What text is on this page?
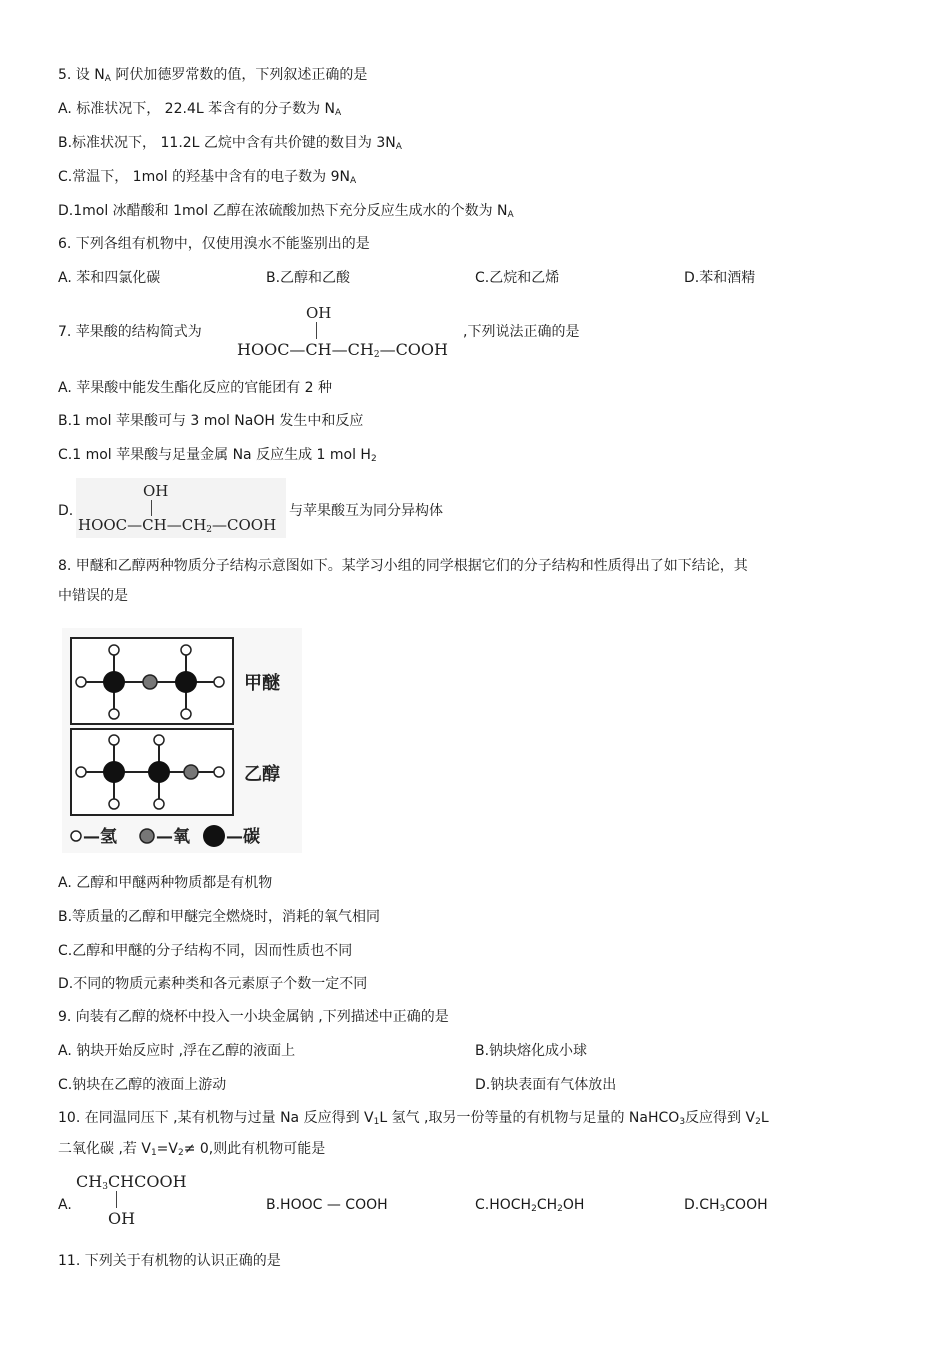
5. 设 $N_A$ 阿伏加德罗常数的值，下列叙述正确的是
A. 标准状况下， 22.4L 苯含有的分子数为 $N_A$
B.标准状况下， 11.2L 乙烷中含有共价键的数目为 $3N_A$
C.常温下， 1mol 的羟基中含有的电子数为 $9N_A$
D.1mol 冰醋酸和 1mol 乙醇在浓硫酸加热下充分反应生成水的个数为 $N_A$
6. 下列各组有机物中，仅使用溴水不能鉴别出的是
A. 苯和四氯化碳	B.乙醇和乙酸	C.乙烷和乙烯	D.苯和酒精
7. 苹果酸的结构简式为
OH
$HOOC—CH—CH_2—COOH$
,下列说法正确的是
A. 苹果酸中能发生酯化反应的官能团有 2 种
B.1 mol 苹果酸可与 3 mol NaOH 发生中和反应
C.1 mol 苹果酸与足量金属 Na 反应生成 1 mol $H_2$
D.
OH
$HOOC—CH—CH_2—COOH$
与苹果酸互为同分异构体
8. 甲醚和乙醇两种物质分子结构示意图如下。某学习小组的同学根据它们的分子结构和性质得出了如下结论，其
中错误的是
甲醚
乙醇
—氢 —氧 —碳
A. 乙醇和甲醚两种物质都是有机物
B.等质量的乙醇和甲醚完全燃烧时，消耗的氧气相同
C.乙醇和甲醚的分子结构不同，因而性质也不同
D.不同的物质元素种类和各元素原子个数一定不同
9. 向装有乙醇的烧杯中投入一小块金属钠 ,下列描述中正确的是
A. 钠块开始反应时 ,浮在乙醇的液面上	B.钠块熔化成小球
C.钠块在乙醇的液面上游动	D.钠块表面有气体放出
10. 在同温同压下 ,某有机物与过量 Na 反应得到 $V_1L$ 氢气 ,取另一份等量的有机物与足量的 NaHCO$_3$反应得到 $V_2L$
二氧化碳 ,若 $V_1=V_2\ne 0$,则此有机物可能是
A.
$CH_3CHCOOH$
OH
B.HOOC — COOH	$C.HOCH_2CH_2OH$	$D.CH_3COOH$
11. 下列关于有机物的认识正确的是
